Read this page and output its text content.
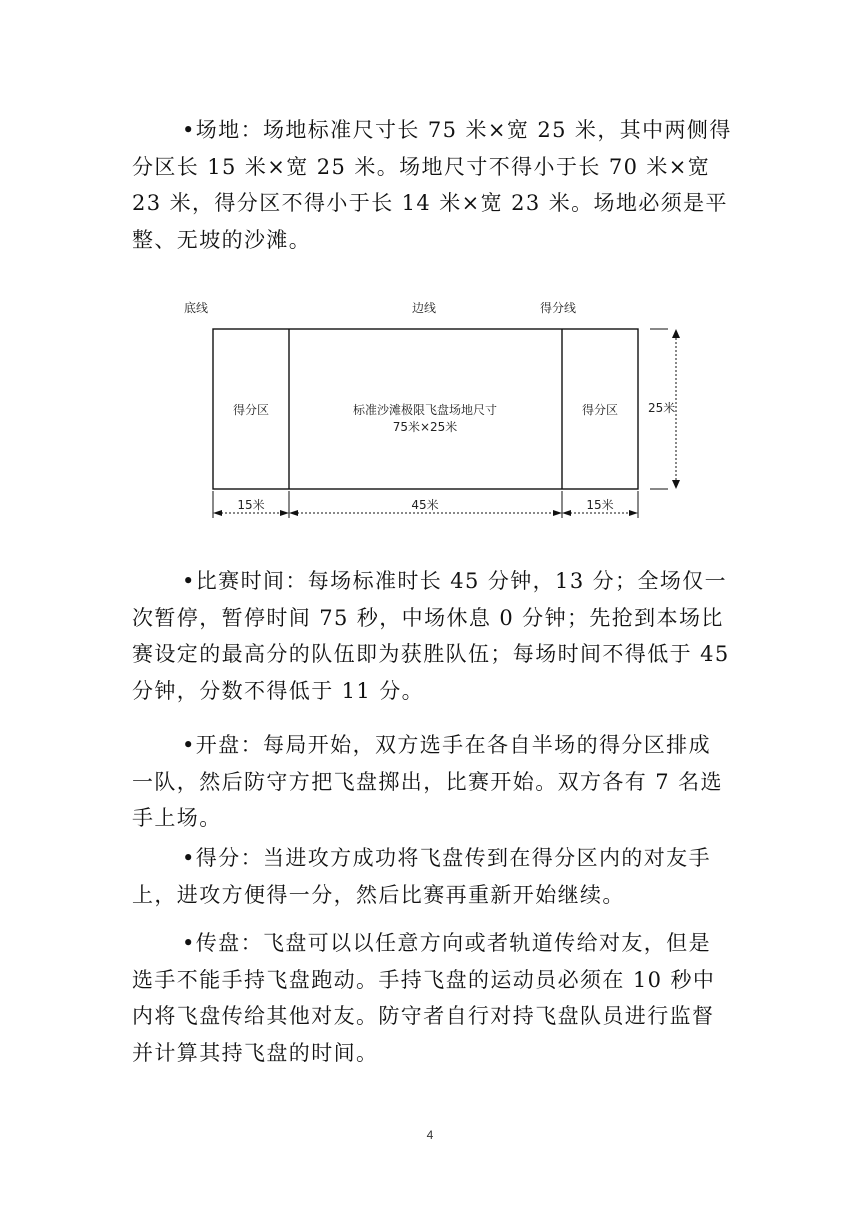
•场地：场地标准尺寸长 75 米×宽 25 米，其中两侧得分区长 15 米×宽 25 米。场地尺寸不得小于长 70 米×宽 23 米，得分区不得小于长 14 米×宽 23 米。场地必须是平整、无坡的沙滩。

底线	边线	得分线
得分区	得分区
标准沙滩极限飞盘场地尺寸
75米×25米
25米
15米	45米	15米

•比赛时间：每场标准时长 45 分钟，13 分；全场仅一次暂停，暂停时间 75 秒，中场休息 0 分钟；先抢到本场比赛设定的最高分的队伍即为获胜队伍；每场时间不得低于 45 分钟，分数不得低于 11 分。

•开盘：每局开始，双方选手在各自半场的得分区排成一队，然后防守方把飞盘掷出，比赛开始。双方各有 7 名选手上场。

•得分：当进攻方成功将飞盘传到在得分区内的对友手上，进攻方便得一分，然后比赛再重新开始继续。

•传盘：飞盘可以以任意方向或者轨道传给对友，但是选手不能手持飞盘跑动。手持飞盘的运动员必须在 10 秒中内将飞盘传给其他对友。防守者自行对持飞盘队员进行监督并计算其持飞盘的时间。

4
